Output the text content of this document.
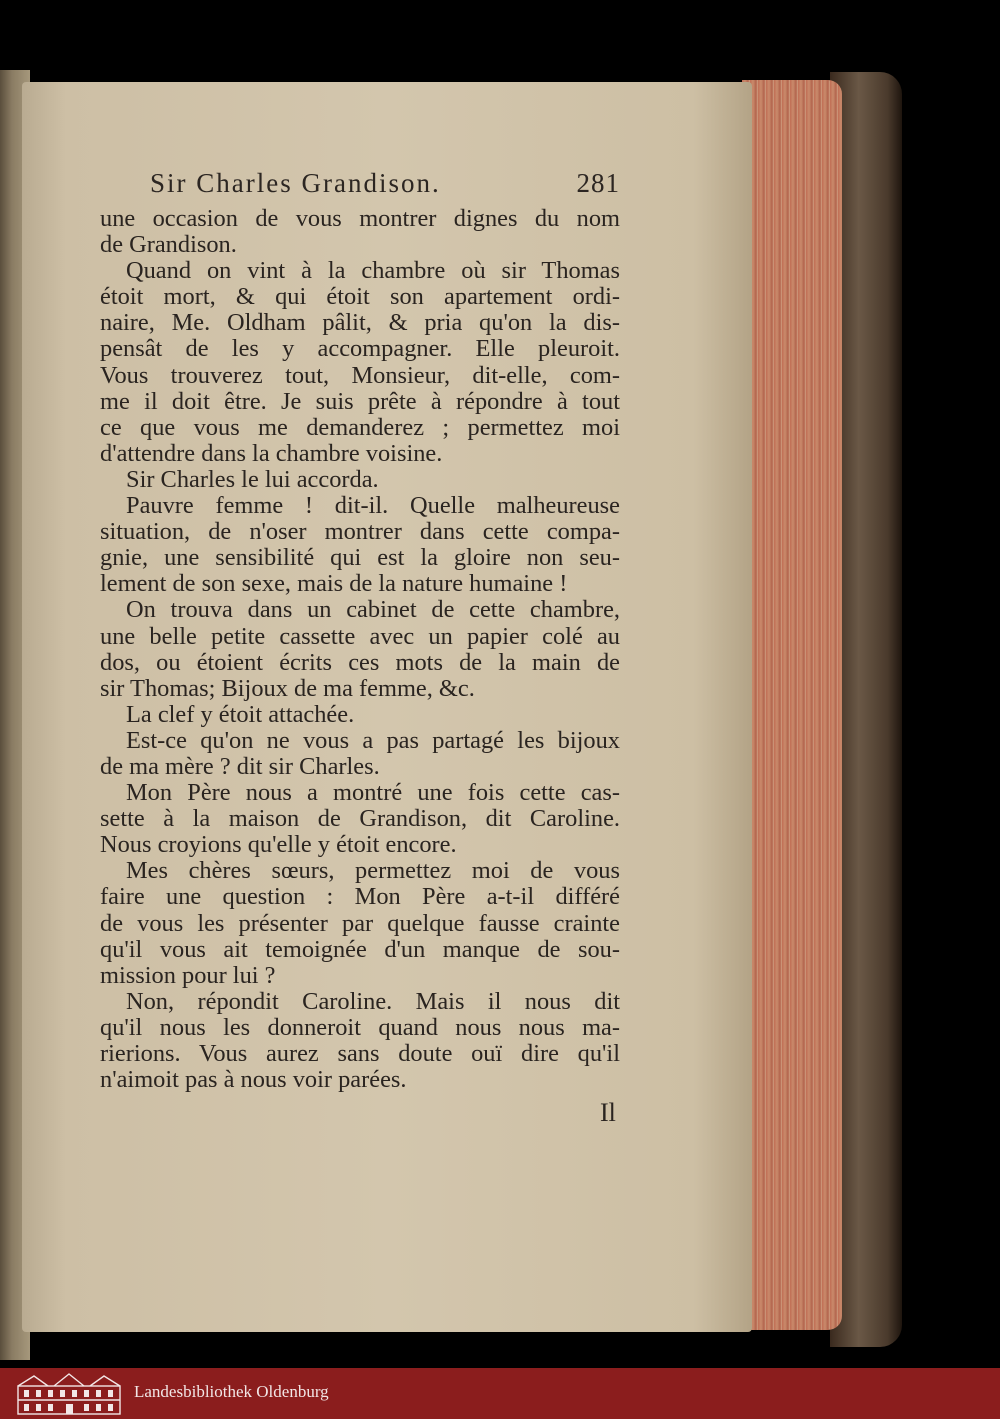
Sir Charles Grandison.	281
une occasion de vous montrer dignes du nom
de Grandison.
Quand on vint à la chambre où sir Thomas
étoit mort, & qui étoit son apartement ordi-
naire, Me. Oldham pâlit, & pria qu'on la dis-
pensât de les y accompagner. Elle pleuroit.
Vous trouverez tout, Monsieur, dit-elle, com-
me il doit être. Je suis prête à répondre à tout
ce que vous me demanderez ; permettez moi
d'attendre dans la chambre voisine.
Sir Charles le lui accorda.
Pauvre femme ! dit-il. Quelle malheureuse
situation, de n'oser montrer dans cette compa-
gnie, une sensibilité qui est la gloire non seu-
lement de son sexe, mais de la nature humaine !
On trouva dans un cabinet de cette chambre,
une belle petite cassette avec un papier colé au
dos, ou étoient écrits ces mots de la main de
sir Thomas; Bijoux de ma femme, &c.
La clef y étoit attachée.
Est-ce qu'on ne vous a pas partagé les bijoux
de ma mère ? dit sir Charles.
Mon Père nous a montré une fois cette cas-
sette à la maison de Grandison, dit Caroline.
Nous croyions qu'elle y étoit encore.
Mes chères sœurs, permettez moi de vous
faire une question : Mon Père a-t-il différé
de vous les présenter par quelque fausse crainte
qu'il vous ait temoignée d'un manque de sou-
mission pour lui ?
Non, répondit Caroline. Mais il nous dit
qu'il nous les donneroit quand nous nous ma-
rierions. Vous aurez sans doute ouï dire qu'il
n'aimoit pas à nous voir parées.
Il
Landesbibliothek Oldenburg
